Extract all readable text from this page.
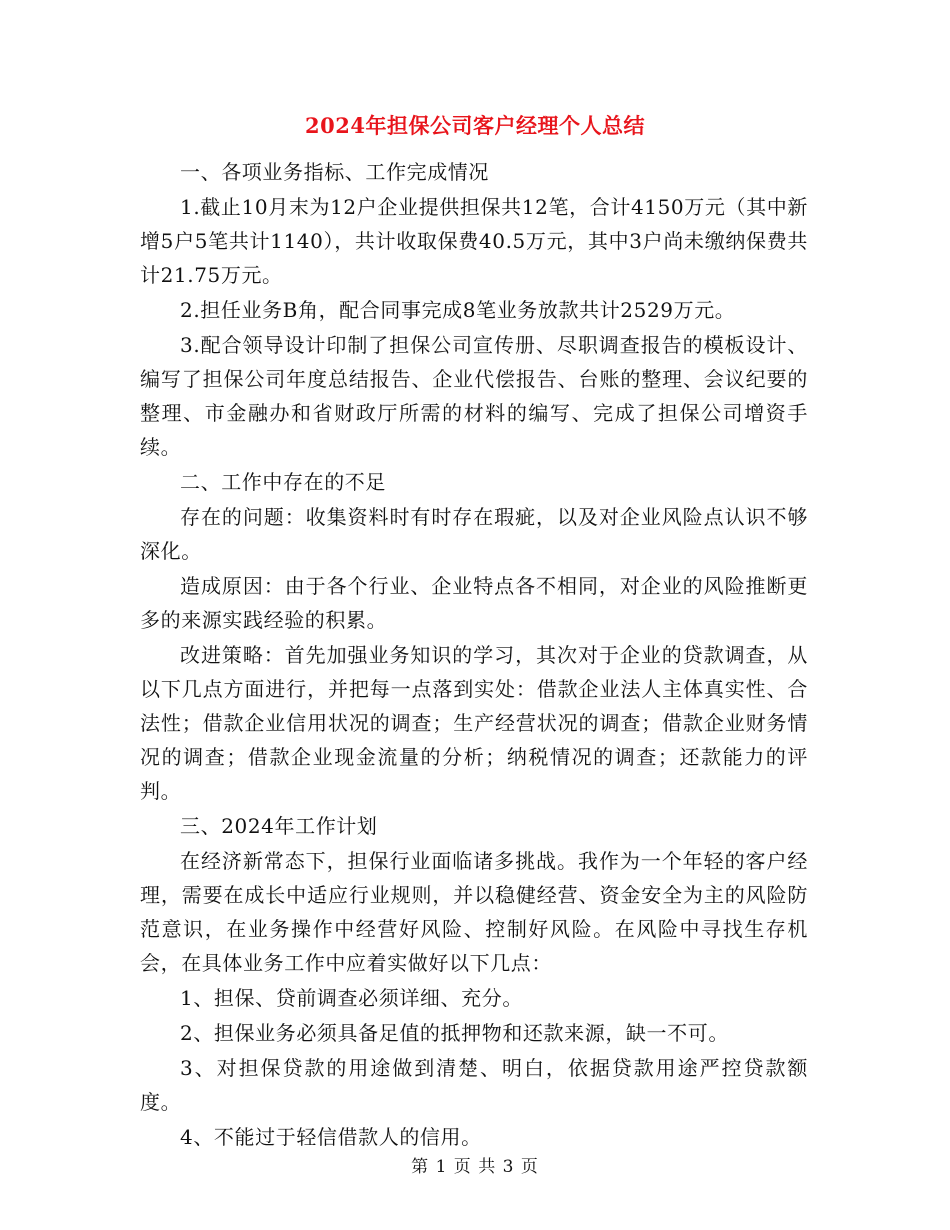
2024年担保公司客户经理个人总结

一、各项业务指标、工作完成情况

1.截止10月末为12户企业提供担保共12笔，合计4150万元（其中新增5户5笔共计1140），共计收取保费40.5万元，其中3户尚未缴纳保费共计21.75万元。

2.担任业务B角，配合同事完成8笔业务放款共计2529万元。

3.配合领导设计印制了担保公司宣传册、尽职调查报告的模板设计、编写了担保公司年度总结报告、企业代偿报告、台账的整理、会议纪要的整理、市金融办和省财政厅所需的材料的编写、完成了担保公司增资手续。

二、工作中存在的不足

存在的问题：收集资料时有时存在瑕疵，以及对企业风险点认识不够深化。

造成原因：由于各个行业、企业特点各不相同，对企业的风险推断更多的来源实践经验的积累。

改进策略：首先加强业务知识的学习，其次对于企业的贷款调查，从以下几点方面进行，并把每一点落到实处：借款企业法人主体真实性、合法性；借款企业信用状况的调查；生产经营状况的调查；借款企业财务情况的调查；借款企业现金流量的分析；纳税情况的调查；还款能力的评判。

三、2024年工作计划

在经济新常态下，担保行业面临诸多挑战。我作为一个年轻的客户经理，需要在成长中适应行业规则，并以稳健经营、资金安全为主的风险防范意识，在业务操作中经营好风险、控制好风险。在风险中寻找生存机会，在具体业务工作中应着实做好以下几点：

1、担保、贷前调查必须详细、充分。

2、担保业务必须具备足值的抵押物和还款来源，缺一不可。

3、对担保贷款的用途做到清楚、明白，依据贷款用途严控贷款额度。

4、不能过于轻信借款人的信用。

第 1 页 共 3 页
